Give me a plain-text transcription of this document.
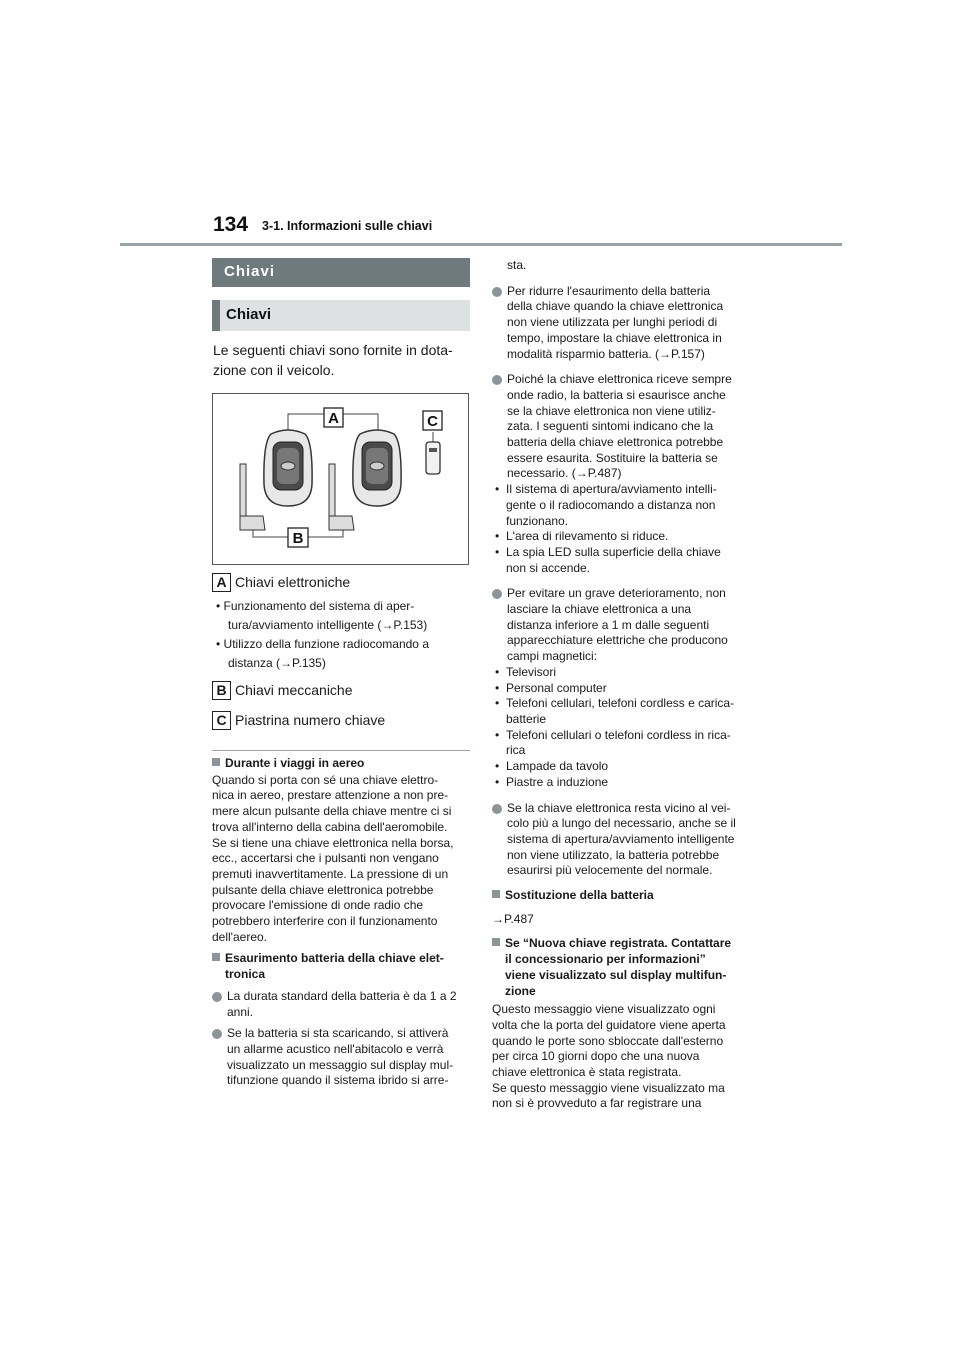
134 3-1. Informazioni sulle chiavi
Chiavi
Chiavi
Le seguenti chiavi sono fornite in dota-
zione con il veicolo.
A	C
B
A Chiavi elettroniche
• Funzionamento del sistema di aper-
tura/avviamento intelligente (→P.153)
• Utilizzo della funzione radiocomando a
distanza (→P.135)
B Chiavi meccaniche
C Piastrina numero chiave
Durante i viaggi in aereo
Quando si porta con sé una chiave elettro-
nica in aereo, prestare attenzione a non pre-
mere alcun pulsante della chiave mentre ci si
trova all'interno della cabina dell'aeromobile.
Se si tiene una chiave elettronica nella borsa,
ecc., accertarsi che i pulsanti non vengano
premuti inavvertitamente. La pressione di un
pulsante della chiave elettronica potrebbe
provocare l'emissione di onde radio che
potrebbero interferire con il funzionamento
dell'aereo.
Esaurimento batteria della chiave elet-
tronica
La durata standard della batteria è da 1 a 2
anni.
Se la batteria si sta scaricando, si attiverà
un allarme acustico nell'abitacolo e verrà
visualizzato un messaggio sul display mul-
tifunzione quando il sistema ibrido si arre-
sta.
Per ridurre l'esaurimento della batteria
della chiave quando la chiave elettronica
non viene utilizzata per lunghi periodi di
tempo, impostare la chiave elettronica in
modalità risparmio batteria. (→P.157)
Poiché la chiave elettronica riceve sempre
onde radio, la batteria si esaurisce anche
se la chiave elettronica non viene utiliz-
zata. I seguenti sintomi indicano che la
batteria della chiave elettronica potrebbe
essere esaurita. Sostituire la batteria se
necessario. (→P.487)
• Il sistema di apertura/avviamento intelli-
gente o il radiocomando a distanza non
funzionano.
• L'area di rilevamento si riduce.
• La spia LED sulla superficie della chiave
non si accende.
Per evitare un grave deterioramento, non
lasciare la chiave elettronica a una
distanza inferiore a 1 m dalle seguenti
apparecchiature elettriche che producono
campi magnetici:
• Televisori
• Personal computer
• Telefoni cellulari, telefoni cordless e carica-
batterie
• Telefoni cellulari o telefoni cordless in rica-
rica
• Lampade da tavolo
• Piastre a induzione
Se la chiave elettronica resta vicino al vei-
colo più a lungo del necessario, anche se il
sistema di apertura/avviamento intelligente
non viene utilizzato, la batteria potrebbe
esaurirsi più velocemente del normale.
Sostituzione della batteria
→P.487
Se “Nuova chiave registrata. Contattare
il concessionario per informazioni”
viene visualizzato sul display multifun-
zione
Questo messaggio viene visualizzato ogni
volta che la porta del guidatore viene aperta
quando le porte sono sbloccate dall'esterno
per circa 10 giorni dopo che una nuova
chiave elettronica è stata registrata.
Se questo messaggio viene visualizzato ma
non si è provveduto a far registrare una
